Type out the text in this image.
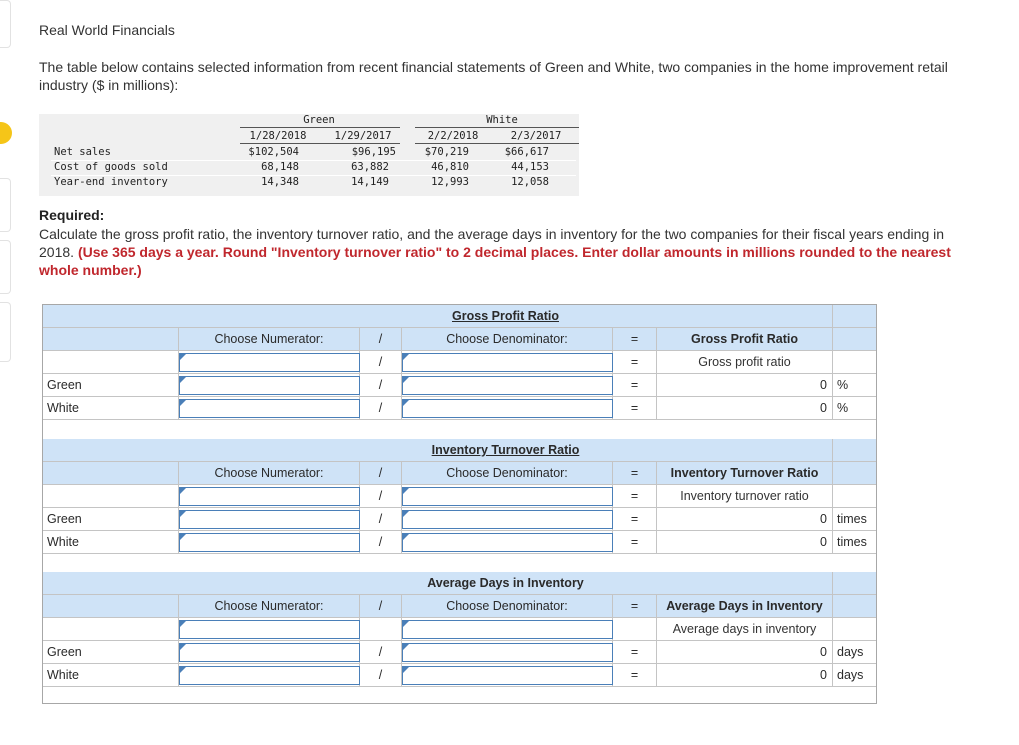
Real World Financials
The table below contains selected information from recent financial statements of Green and White, two companies in the home improvement retail industry ($ in millions):
Green	White
1/28/2018	1/29/2017	2/2/2018	2/3/2017
Net sales	$102,504	$96,195	$70,219	$66,617
Cost of goods sold	68,148	63,882	46,810	44,153
Year-end inventory	14,348	14,149	12,993	12,058
Required:
Calculate the gross profit ratio, the inventory turnover ratio, and the average days in inventory for the two companies for their fiscal years ending in 2018. (Use 365 days a year. Round "Inventory turnover ratio" to 2 decimal places. Enter dollar amounts in millions rounded to the nearest whole number.)
Gross Profit Ratio
Choose Numerator:	/	Choose Denominator:	=	Gross Profit Ratio
/	=	Gross profit ratio
Green	/	=	0 %
White	/	=	0 %
Inventory Turnover Ratio
Choose Numerator:	/	Choose Denominator:	=	Inventory Turnover Ratio
/	=	Inventory turnover ratio
Green	/	=	0 times
White	/	=	0 times
Average Days in Inventory
Choose Numerator:	/	Choose Denominator:	= Average Days in Inventory
Average days in inventory
Green	/	=	0 days
White	/	=	0 days
